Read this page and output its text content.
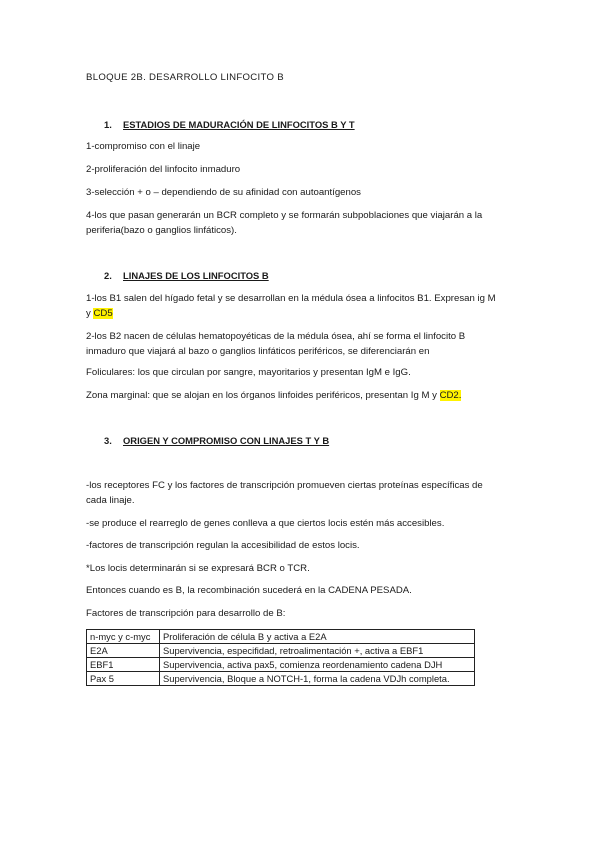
BLOQUE 2B. DESARROLLO LINFOCITO B
1. ESTADIOS DE MADURACIÓN DE LINFOCITOS B Y T
1-compromiso con el linaje
2-proliferación del linfocito inmaduro
3-selección + o – dependiendo de su afinidad con autoantígenos
4-los que pasan generarán un BCR completo y se formarán subpoblaciones que viajarán a la
periferia(bazo o ganglios linfáticos).
2. LINAJES DE LOS LINFOCITOS B
1-los B1 salen del hígado fetal y se desarrollan en la médula ósea a linfocitos B1. Expresan ig M
y CD5
2-los B2 nacen de células hematopoyéticas de la médula ósea, ahí se forma el linfocito B
inmaduro que viajará al bazo o ganglios linfáticos periféricos, se diferenciarán en
Foliculares: los que circulan por sangre, mayoritarios y presentan IgM e IgG.
Zona marginal: que se alojan en los órganos linfoides periféricos, presentan Ig M y CD2.
3. ORIGEN Y COMPROMISO CON LINAJES T Y B
-los receptores FC y los factores de transcripción promueven ciertas proteínas específicas de
cada linaje.
-se produce el rearreglo de genes conlleva a que ciertos locis estén más accesibles.
-factores de transcripción regulan la accesibilidad de estos locis.
*Los locis determinarán si se expresará BCR o TCR.
Entonces cuando es B, la recombinación sucederá en la CADENA PESADA.
Factores de transcripción para desarrollo de B:
n-myc y c-myc	Proliferación de célula B y activa a E2A
E2A	Supervivencia, especifidad, retroalimentación +, activa a EBF1
EBF1	Supervivencia, activa pax5, comienza reordenamiento cadena DJH
Pax 5	Supervivencia, Bloque a NOTCH-1, forma la cadena VDJh completa.
